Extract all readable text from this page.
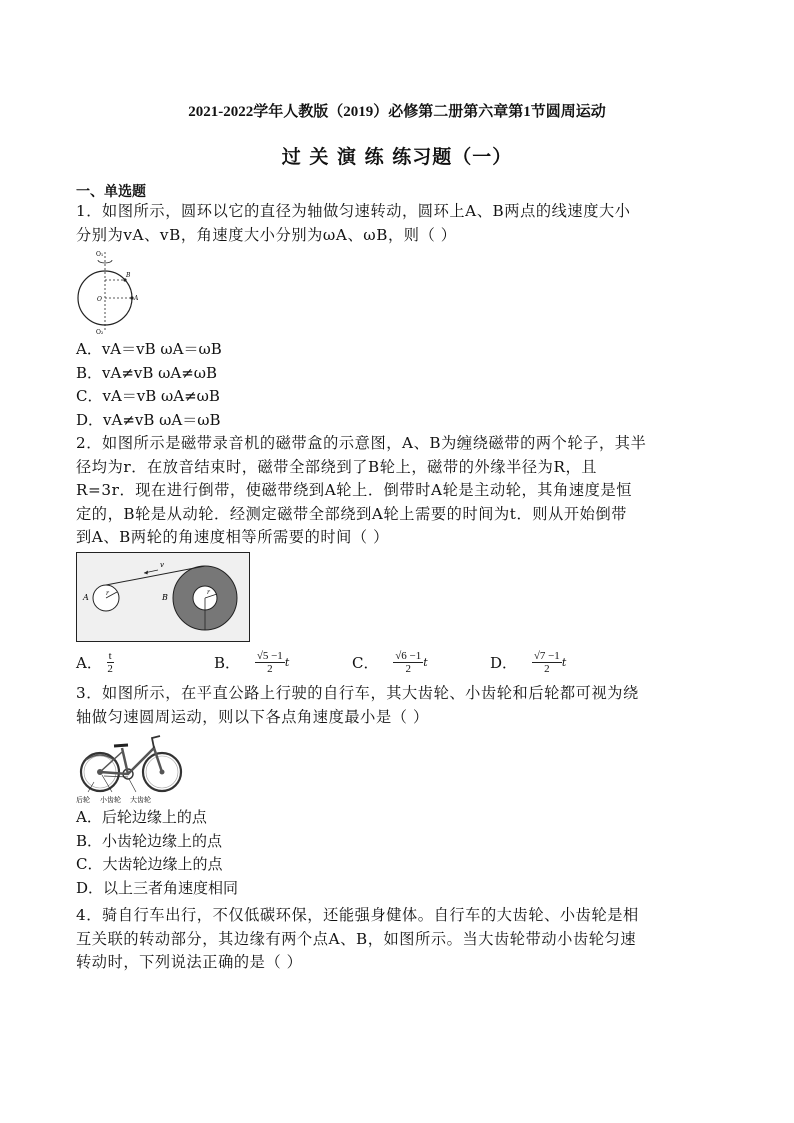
2021-2022学年人教版（2019）必修第二册第六章第1节圆周运动
过 关 演 练 练习题（一）
一、单选题
1．如图所示，圆环以它的直径为轴做匀速转动，圆环上A、B两点的线速度大小
分别为vA、vB，角速度大小分别为ωA、ωB，则（ ）
O₁
O₂
O
B
A
A．vA＝vB ωA＝ωB
B．vA≠vB ωA≠ωB
C．vA＝vB ωA≠ωB
D．vA≠vB ωA＝ωB
2．如图所示是磁带录音机的磁带盒的示意图，A、B为缠绕磁带的两个轮子，其半
径均为r．在放音结束时，磁带全部绕到了B轮上，磁带的外缘半径为R，且
R=3r．现在进行倒带，使磁带绕到A轮上．倒带时A轮是主动轮，其角速度是恒
定的，B轮是从动轮．经测定磁带全部绕到A轮上需要的时间为t．则从开始倒带
到A、B两轮的角速度相等所需要的时间（ ）
A	B
r	r
v
A． $\frac{t}{2}$	B． $\frac{√5 -1}{2}$ t	C． $\frac{√6 -1}{2}$ t	D． $\frac{√7 -1}{2}$ t
3．如图所示，在平直公路上行驶的自行车，其大齿轮、小齿轮和后轮都可视为绕
轴做匀速圆周运动，则以下各点角速度最小是（ ）
后轮 小齿轮 大齿轮
A．后轮边缘上的点
B．小齿轮边缘上的点
C．大齿轮边缘上的点
D．以上三者角速度相同
4．骑自行车出行，不仅低碳环保，还能强身健体。自行车的大齿轮、小齿轮是相
互关联的转动部分，其边缘有两个点A、B，如图所示。当大齿轮带动小齿轮匀速
转动时，下列说法正确的是（ ）
